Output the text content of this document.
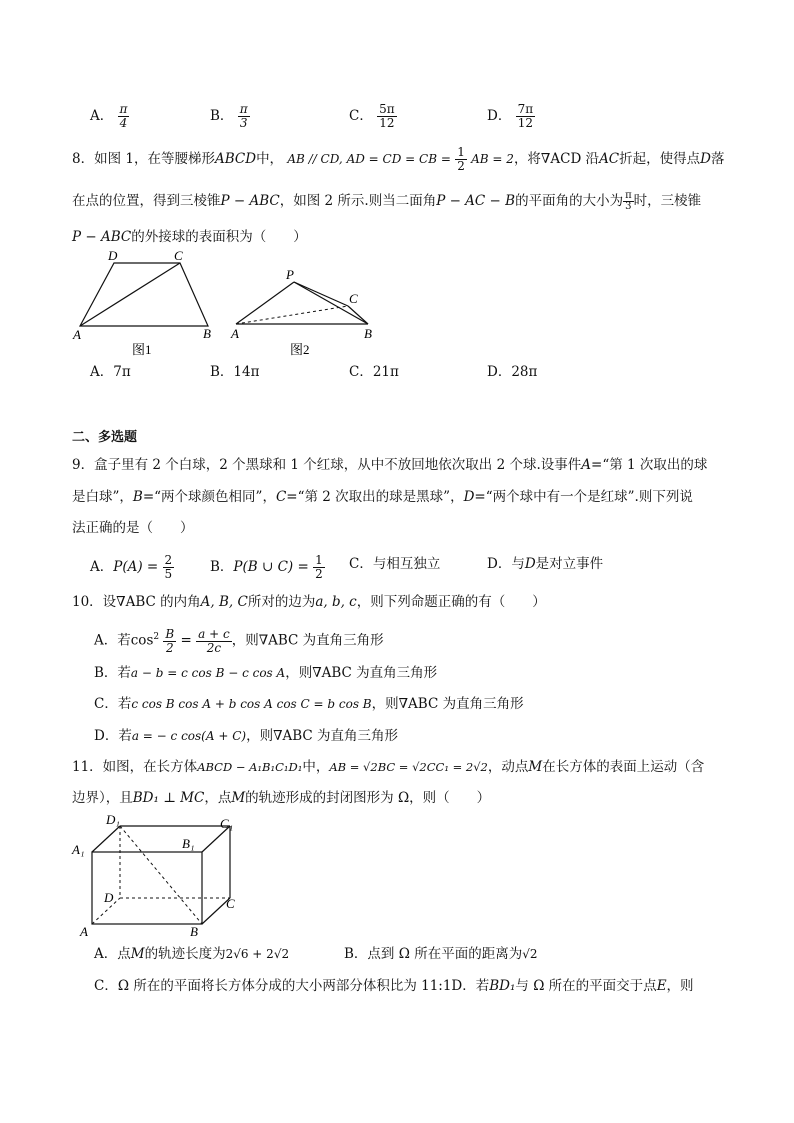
A． $\frac{\pi}{4}$	B． $\frac{\pi}{3}$	C． $\frac{5\pi}{12}$	D． $\frac{7\pi}{12}$
8．如图 1，在等腰梯形ABCD中， AB // CD, AD = CD = CB = $\frac{1}{2}$ AB = 2，将∇ACD 沿AC折起，使得点D落
在点的位置，得到三棱锥P − ABC，如图 2 所示.则当二面角P − AC − B的平面角的大小为 $\frac{\pi}{3}$ 时，三棱锥
P − ABC的外接球的表面积为（　　）
D	C
A	B
图1
P
C
A	B
图2
A．7π	B．14π	C．21π	D．28π
二、多选题
9．盒子里有 2 个白球，2 个黑球和 1 个红球，从中不放回地依次取出 2 个球.设事件A=“第 1 次取出的球
是白球”，B=“两个球颜色相同”，C=“第 2 次取出的球是黑球”，D=“两个球中有一个是红球”.则下列说
法正确的是（　　）
A．$P(A) = \frac{2}{5}$	B．P(B ∪ $C) = \frac{1}{2}$ C．与相互独立	D．与D是对立事件
10．设∇ABC 的内角A, B, C所对的边为a, b, c，则下列命题正确的有（　　）
A．若$\cos^2 \frac{B}{2} = \frac{a + c}{2c}$ ，则∇ABC 为直角三角形
B．若a − b = c cos B − c cos A，则∇ABC 为直角三角形
C．若c cos B cos A + b cos A cos C = b cos B，则∇ABC 为直角三角形
D．若a = − c cos(A + C)，则∇ABC 为直角三角形
11．如图，在长方体ABCD − A₁B₁C₁D₁中，AB = √2BC = √2CC₁ = 2√2，动点M在长方体的表面上运动（含
边界），且BD₁ ⊥ MC，点M的轨迹形成的封闭图形为 Ω，则（　　）
D₁	C₁
A₁	B₁
D	C
A	B
A．点M的轨迹长度为2√6 + 2√2	B．点到 Ω 所在平面的距离为√2
C．Ω 所在的平面将长方体分成的大小两部分体积比为 11:1D．若BD₁与 Ω 所在的平面交于点E，则
